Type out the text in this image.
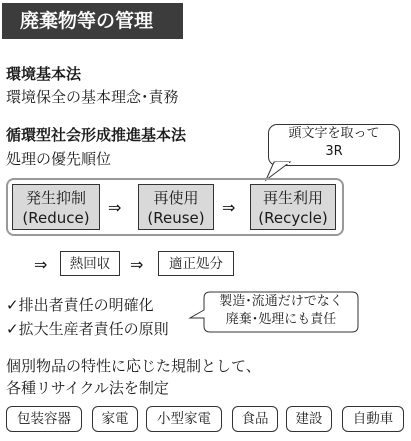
廃棄物等の管理
環境基本法
環境保全の基本理念･責務
循環型社会形成推進基本法
処理の優先順位
頭文字を取って
3R
発生抑制
(Reduce)
⇒	再使用
(Reuse)
⇒	再生利用
(Recycle)
⇒	熱回収	⇒	適正処分
✓排出者責任の明確化
✓拡大生産者責任の原則
製造･流通だけでなく
廃棄･処理にも責任
個別物品の特性に応じた規制として、
各種リサイクル法を制定
包装容器	家電	小型家電	食品	建設	自動車
